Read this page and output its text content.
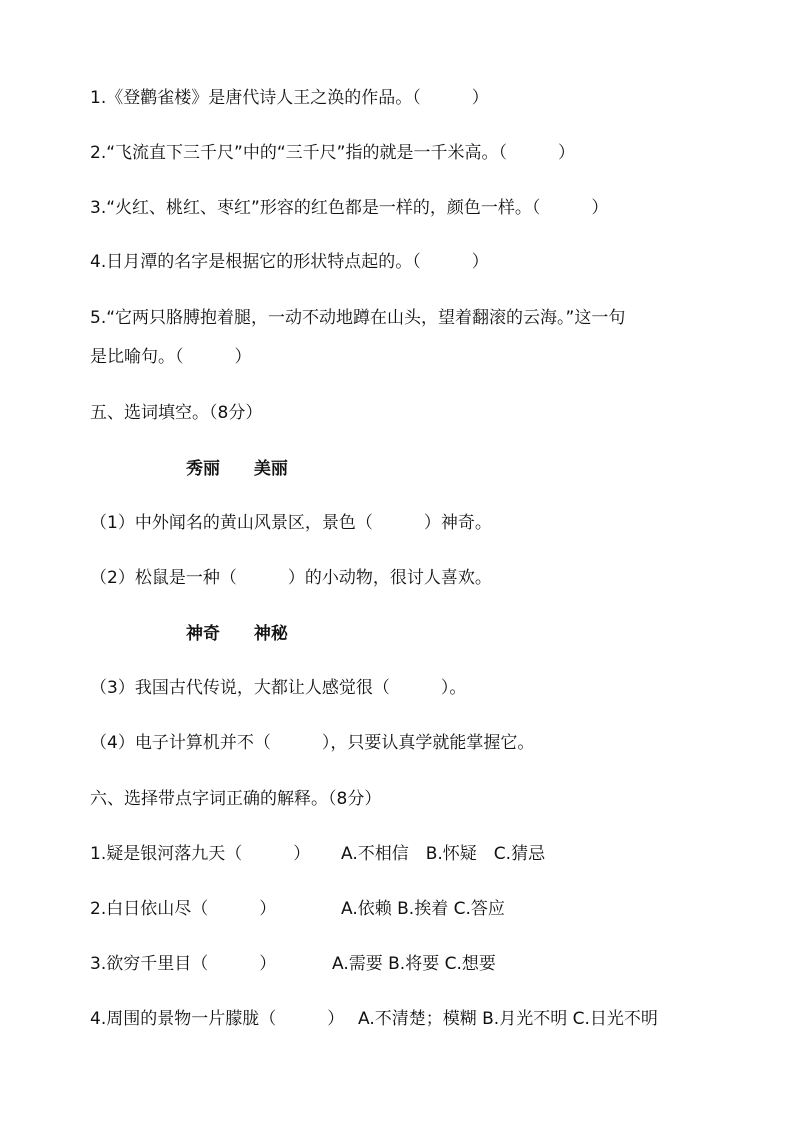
1.《登鹳雀楼》是唐代诗人王之涣的作品。（　　　）
2.“飞流直下三千尺”中的“三千尺”指的就是一千米高。（　　　）
3.“火红、桃红、枣红”形容的红色都是一样的，颜色一样。（　　　）
4.日月潭的名字是根据它的形状特点起的。（　　　）
5.“它两只胳膊抱着腿，一动不动地蹲在山头，望着翻滚的云海。”这一句
是比喻句。（　　　）
五、选词填空。（8分）
秀丽 美丽
（1）中外闻名的黄山风景区，景色（　　　）神奇。
（2）松鼠是一种（　　　）的小动物，很讨人喜欢。
神奇 神秘
（3）我国古代传说，大都让人感觉很（　　　）。
（4）电子计算机并不（　　　），只要认真学就能掌握它。
六、选择带点字词正确的解释。（8分）
1.疑是银河落九天（　　　） A.不相信　B.怀疑　C.猜忌
2.白日依山尽（　　　）	A.依赖 B.挨着 C.答应
3.欲穷千里目（　　　）	A.需要 B.将要 C.想要
4.周围的景物一片朦胧（　　　） A.不清楚；模糊 B.月光不明 C.日光不明
